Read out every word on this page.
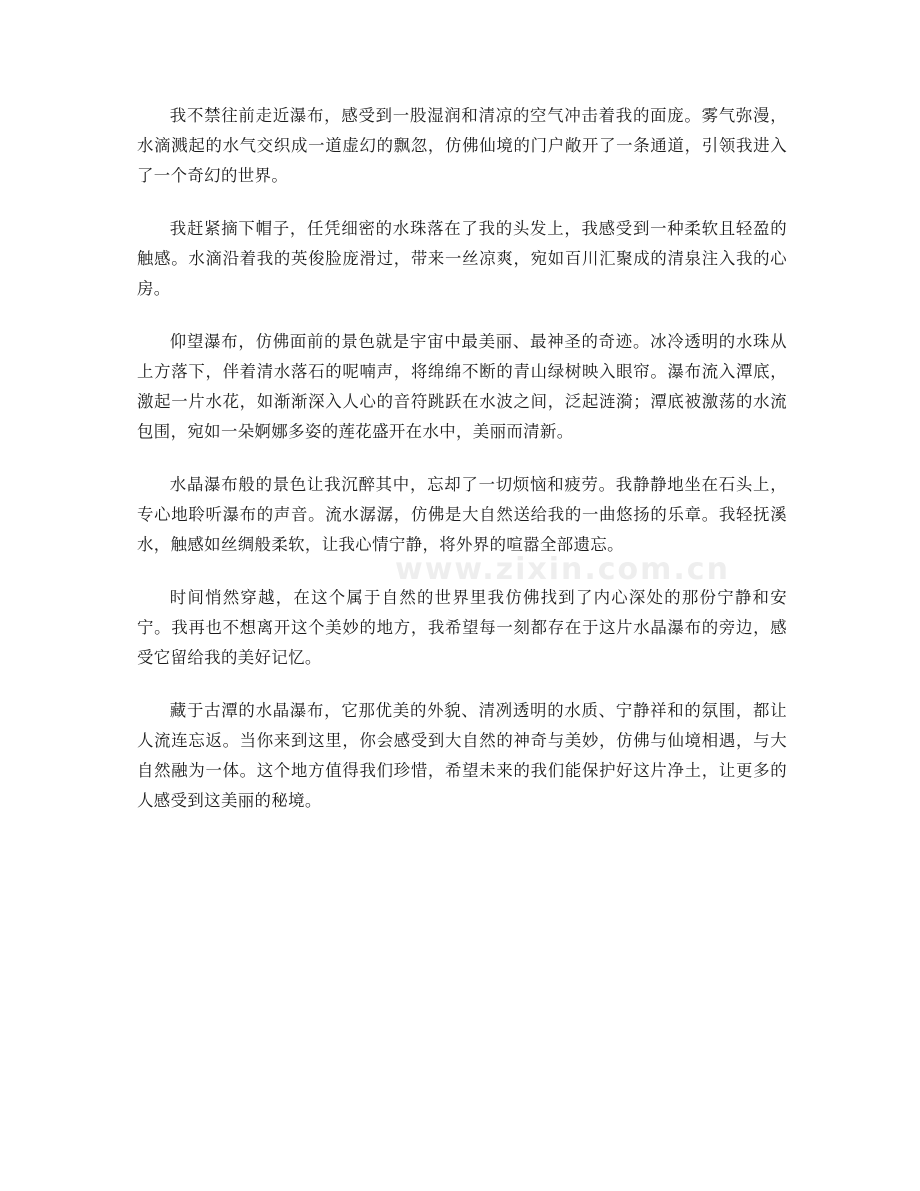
我不禁往前走近瀑布，感受到一股湿润和清凉的空气冲击着我的面庞。雾气弥漫，水滴溅起的水气交织成一道虚幻的飘忽，仿佛仙境的门户敞开了一条通道，引领我进入了一个奇幻的世界。

我赶紧摘下帽子，任凭细密的水珠落在了我的头发上，我感受到一种柔软且轻盈的触感。水滴沿着我的英俊脸庞滑过，带来一丝凉爽，宛如百川汇聚成的清泉注入我的心房。

仰望瀑布，仿佛面前的景色就是宇宙中最美丽、最神圣的奇迹。冰冷透明的水珠从上方落下，伴着清水落石的呢喃声，将绵绵不断的青山绿树映入眼帘。瀑布流入潭底，激起一片水花，如渐渐深入人心的音符跳跃在水波之间，泛起涟漪；潭底被激荡的水流包围，宛如一朵婀娜多姿的莲花盛开在水中，美丽而清新。

水晶瀑布般的景色让我沉醉其中，忘却了一切烦恼和疲劳。我静静地坐在石头上，专心地聆听瀑布的声音。流水潺潺，仿佛是大自然送给我的一曲悠扬的乐章。我轻抚溪水，触感如丝绸般柔软，让我心情宁静，将外界的喧嚣全部遗忘。

时间悄然穿越，在这个属于自然的世界里我仿佛找到了内心深处的那份宁静和安宁。我再也不想离开这个美妙的地方，我希望每一刻都存在于这片水晶瀑布的旁边，感受它留给我的美好记忆。

藏于古潭的水晶瀑布，它那优美的外貌、清冽透明的水质、宁静祥和的氛围，都让人流连忘返。当你来到这里，你会感受到大自然的神奇与美妙，仿佛与仙境相遇，与大自然融为一体。这个地方值得我们珍惜，希望未来的我们能保护好这片净土，让更多的人感受到这美丽的秘境。

www.zixin.com.cn
